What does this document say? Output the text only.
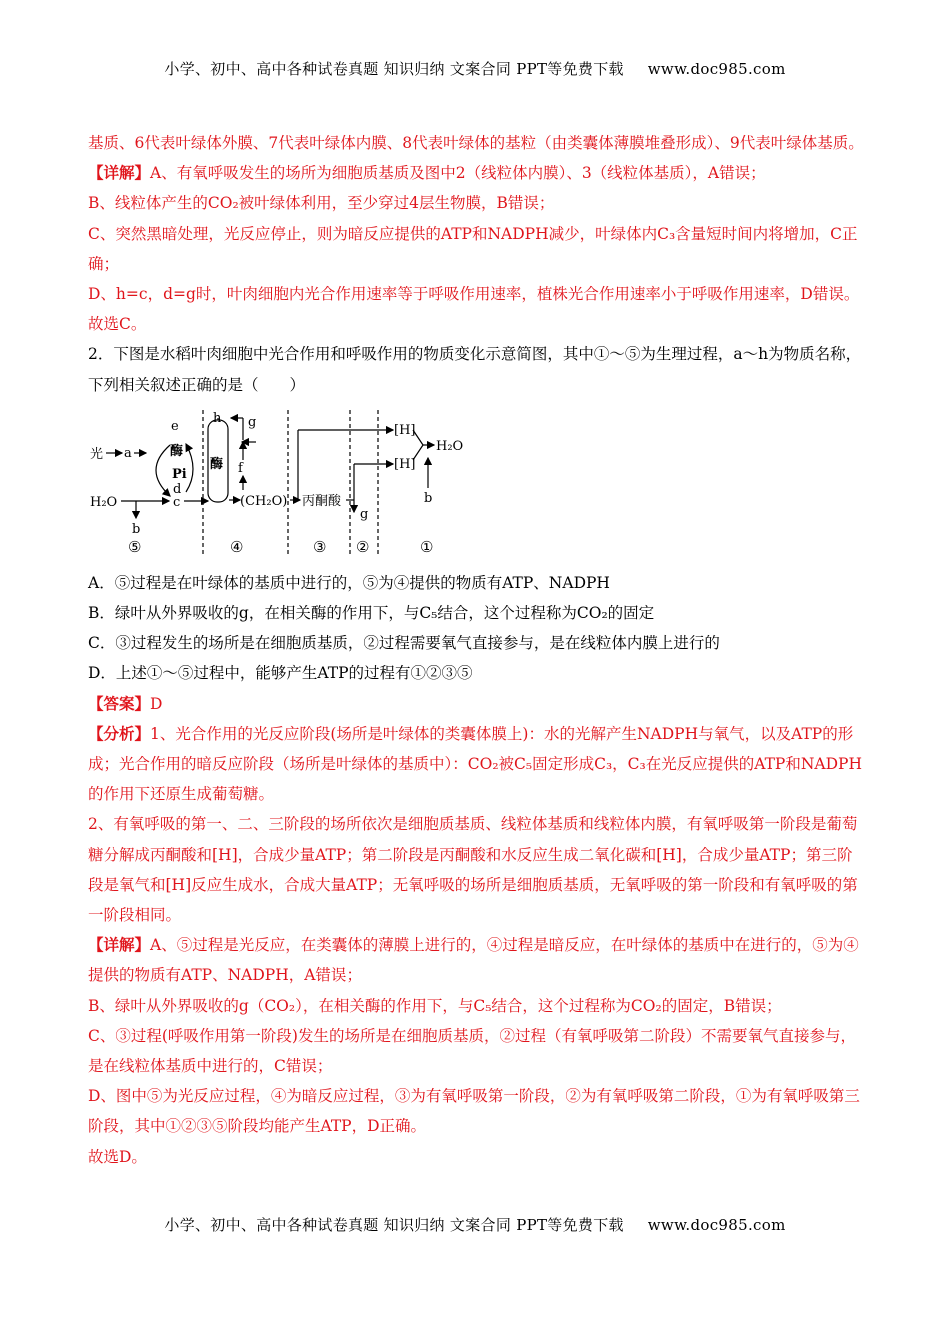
小学、初中、高中各种试卷真题 知识归纳 文案合同 PPT等免费下载 www.doc985.com

基质、6代表叶绿体外膜、7代表叶绿体内膜、8代表叶绿体的基粒（由类囊体薄膜堆叠形成）、9代表叶绿体基质。

【详解】A、有氧呼吸发生的场所为细胞质基质及图中2（线粒体内膜）、3（线粒体基质），A错误；

B、线粒体产生的CO₂被叶绿体利用，至少穿过4层生物膜，B错误；

C、突然黑暗处理，光反应停止，则为暗反应提供的ATP和NADPH减少，叶绿体内C₃含量短时间内将增加，C正确；

D、h=c，d=g时，叶肉细胞内光合作用速率等于呼吸作用速率，植株光合作用速率小于呼吸作用速率，D错误。

故选C。

2．下图是水稻叶肉细胞中光合作用和呼吸作用的物质变化示意简图，其中①～⑤为生理过程，a～h为物质名称，下列相关叙述正确的是（　　）

光 a
e
酶
Pi
d
H₂O	c
b
h g
酶 f
(CH₂O) 丙酮酸
[H]
[H]
H₂O
g
b
⑤	④	③ ②	①

A．⑤过程是在叶绿体的基质中进行的，⑤为④提供的物质有ATP、NADPH

B．绿叶从外界吸收的g，在相关酶的作用下，与C₅结合，这个过程称为CO₂的固定

C．③过程发生的场所是在细胞质基质，②过程需要氧气直接参与，是在线粒体内膜上进行的

D．上述①～⑤过程中，能够产生ATP的过程有①②③⑤

【答案】D

【分析】1、光合作用的光反应阶段(场所是叶绿体的类囊体膜上)：水的光解产生NADPH与氧气，以及ATP的形成；光合作用的暗反应阶段（场所是叶绿体的基质中）：CO₂被C₅固定形成C₃，C₃在光反应提供的ATP和NADPH的作用下还原生成葡萄糖。

2、有氧呼吸的第一、二、三阶段的场所依次是细胞质基质、线粒体基质和线粒体内膜，有氧呼吸第一阶段是葡萄糖分解成丙酮酸和[H]，合成少量ATP；第二阶段是丙酮酸和水反应生成二氧化碳和[H]，合成少量ATP；第三阶段是氧气和[H]反应生成水，合成大量ATP；无氧呼吸的场所是细胞质基质，无氧呼吸的第一阶段和有氧呼吸的第一阶段相同。

【详解】A、⑤过程是光反应，在类囊体的薄膜上进行的，④过程是暗反应，在叶绿体的基质中在进行的，⑤为④提供的物质有ATP、NADPH，A错误；

B、绿叶从外界吸收的g（CO₂），在相关酶的作用下，与C₅结合，这个过程称为CO₂的固定，B错误；

C、③过程(呼吸作用第一阶段)发生的场所是在细胞质基质，②过程（有氧呼吸第二阶段）不需要氧气直接参与，是在线粒体基质中进行的，C错误；

D、图中⑤为光反应过程，④为暗反应过程，③为有氧呼吸第一阶段，②为有氧呼吸第二阶段，①为有氧呼吸第三阶段，其中①②③⑤阶段均能产生ATP，D正确。

故选D。

小学、初中、高中各种试卷真题 知识归纳 文案合同 PPT等免费下载 www.doc985.com
